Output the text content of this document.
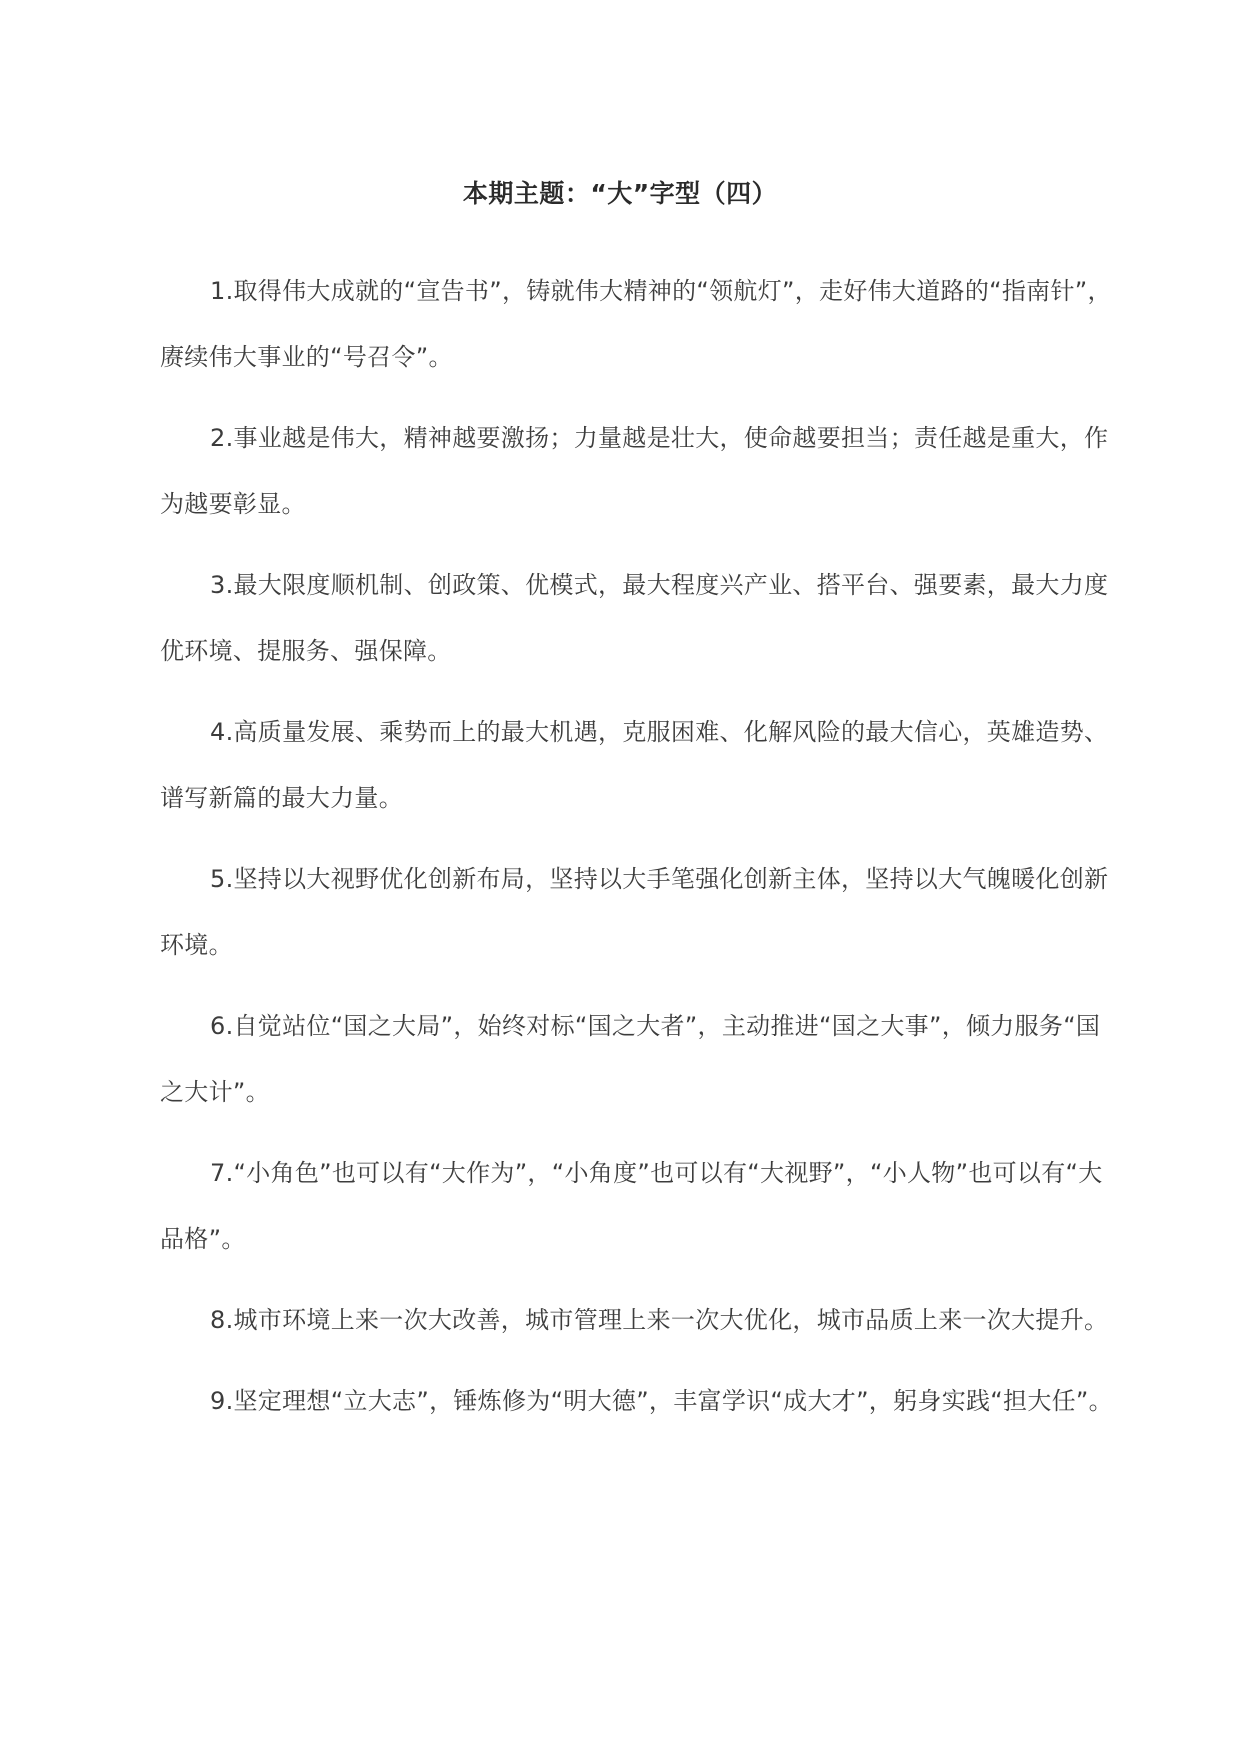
本期主题：“大”字型（四）

1.取得伟大成就的“宣告书”，铸就伟大精神的“领航灯”，走好伟大道路的“指南针”，赓续伟大事业的“号召令”。

2.事业越是伟大，精神越要激扬；力量越是壮大，使命越要担当；责任越是重大，作为越要彰显。

3.最大限度顺机制、创政策、优模式，最大程度兴产业、搭平台、强要素，最大力度优环境、提服务、强保障。

4.高质量发展、乘势而上的最大机遇，克服困难、化解风险的最大信心，英雄造势、谱写新篇的最大力量。

5.坚持以大视野优化创新布局，坚持以大手笔强化创新主体，坚持以大气魄暖化创新环境。

6.自觉站位“国之大局”，始终对标“国之大者”，主动推进“国之大事”，倾力服务“国之大计”。

7.“小角色”也可以有“大作为”，“小角度”也可以有“大视野”，“小人物”也可以有“大品格”。

8.城市环境上来一次大改善，城市管理上来一次大优化，城市品质上来一次大提升。

9.坚定理想“立大志”，锤炼修为“明大德”，丰富学识“成大才”，躬身实践“担大任”。
